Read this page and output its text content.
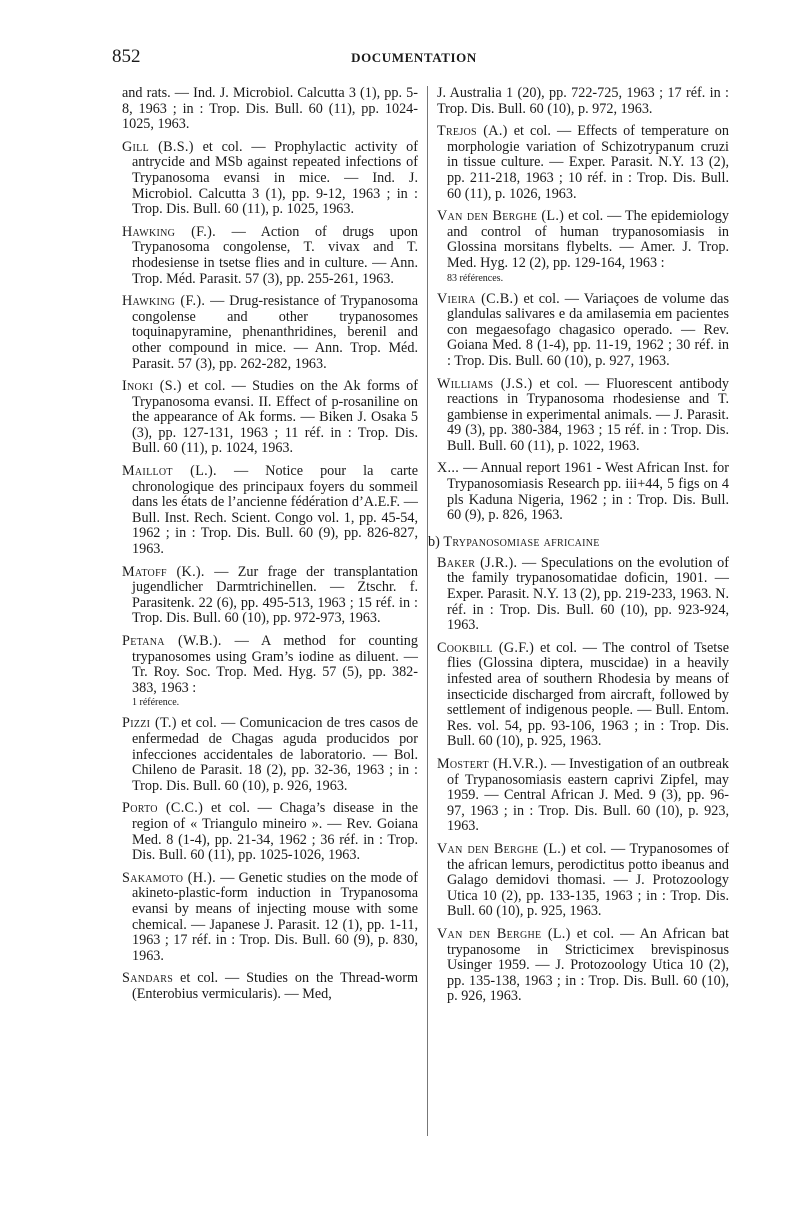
852	DOCUMENTATION

and rats. — Ind. J. Microbiol. Calcutta 3 (1), pp. 5-8, 1963 ; in : Trop. Dis. Bull. 60 (11), pp. 1024-1025, 1963.

Gill (B.S.) et col. — Prophylactic activity of antrycide and MSb against repeated infections of Trypanosoma evansi in mice. — Ind. J. Microbiol. Calcutta 3 (1), pp. 9-12, 1963 ; in : Trop. Dis. Bull. 60 (11), p. 1025, 1963.

Hawking (F.). — Action of drugs upon Trypanosoma congolense, T. vivax and T. rhodesiense in tsetse flies and in culture. — Ann. Trop. Méd. Parasit. 57 (3), pp. 255-261, 1963.

Hawking (F.). — Drug-resistance of Trypanosoma congolense and other trypanosomes toquinapyramine, phenanthridines, berenil and other compound in mice. — Ann. Trop. Méd. Parasit. 57 (3), pp. 262-282, 1963.

Inoki (S.) et col. — Studies on the Ak forms of Trypanosoma evansi. II. Effect of p-rosaniline on the appearance of Ak forms. — Biken J. Osaka 5 (3), pp. 127-131, 1963 ; 11 réf. in : Trop. Dis. Bull. 60 (11), p. 1024, 1963.

Maillot (L.). — Notice pour la carte chronologique des principaux foyers du sommeil dans les états de l’ancienne fédération d’A.E.F. — Bull. Inst. Rech. Scient. Congo vol. 1, pp. 45-54, 1962 ; in : Trop. Dis. Bull. 60 (9), pp. 826-827, 1963.

Matoff (K.). — Zur frage der transplantation jugendlicher Darmtrichinellen. — Ztschr. f. Parasitenk. 22 (6), pp. 495-513, 1963 ; 15 réf. in : Trop. Dis. Bull. 60 (10), pp. 972-973, 1963.

Petana (W.B.). — A method for counting trypanosomes using Gram’s iodine as diluent. — Tr. Roy. Soc. Trop. Med. Hyg. 57 (5), pp. 382-383, 1963 :
1 référence.

Pizzi (T.) et col. — Comunicacion de tres casos de enfermedad de Chagas aguda producidos por infecciones accidentales de laboratorio. — Bol. Chileno de Parasit. 18 (2), pp. 32-36, 1963 ; in : Trop. Dis. Bull. 60 (10), p. 926, 1963.

Porto (C.C.) et col. — Chaga’s disease in the region of « Triangulo mineiro ». — Rev. Goiana Med. 8 (1-4), pp. 21-34, 1962 ; 36 réf. in : Trop. Dis. Bull. 60 (11), pp. 1025-1026, 1963.

Sakamoto (H.). — Genetic studies on the mode of akineto-plastic-form induction in Trypanosoma evansi by means of injecting mouse with some chemical. — Japanese J. Parasit. 12 (1), pp. 1-11, 1963 ; 17 réf. in : Trop. Dis. Bull. 60 (9), p. 830, 1963.

Sandars et col. — Studies on the Thread-worm (Enterobius vermicularis). — Med,

J. Australia 1 (20), pp. 722-725, 1963 ; 17 réf. in : Trop. Dis. Bull. 60 (10), p. 972, 1963.

Trejos (A.) et col. — Effects of temperature on morphologie variation of Schizotrypanum cruzi in tissue culture. — Exper. Parasit. N.Y. 13 (2), pp. 211-218, 1963 ; 10 réf. in : Trop. Dis. Bull. 60 (11), p. 1026, 1963.

Van den Berghe (L.) et col. — The epidemiology and control of human trypanosomiasis in Glossina morsitans flybelts. — Amer. J. Trop. Med. Hyg. 12 (2), pp. 129-164, 1963 :
83 références.

Vieira (C.B.) et col. — Variaçoes de volume das glandulas salivares e da amilasemia em pacientes con megaesofago chagasico operado. — Rev. Goiana Med. 8 (1-4), pp. 11-19, 1962 ; 30 réf. in : Trop. Dis. Bull. 60 (10), p. 927, 1963.

Williams (J.S.) et col. — Fluorescent antibody reactions in Trypanosoma rhodesiense and T. gambiense in experimental animals. — J. Parasit. 49 (3), pp. 380-384, 1963 ; 15 réf. in : Trop. Dis. Bull. Bull. 60 (11), p. 1022, 1963.

X... — Annual report 1961 - West African Inst. for Trypanosomiasis Research pp. iii+44, 5 figs on 4 pls Kaduna Nigeria, 1962 ; in : Trop. Dis. Bull. 60 (9), p. 826, 1963.

b) Trypanosomiase africaine

Baker (J.R.). — Speculations on the evolution of the family trypanosomatidae doficin, 1901. — Exper. Parasit. N.Y. 13 (2), pp. 219-233, 1963. N. réf. in : Trop. Dis. Bull. 60 (10), pp. 923-924, 1963.

Cookbill (G.F.) et col. — The control of Tsetse flies (Glossina diptera, muscidae) in a heavily infested area of southern Rhodesia by means of insecticide discharged from aircraft, followed by settlement of indigenous people. — Bull. Entom. Res. vol. 54, pp. 93-106, 1963 ; in : Trop. Dis. Bull. 60 (10), p. 925, 1963.

Mostert (H.V.R.). — Investigation of an outbreak of Trypanosomiasis eastern caprivi Zipfel, may 1959. — Central African J. Med. 9 (3), pp. 96-97, 1963 ; in : Trop. Dis. Bull. 60 (10), p. 923, 1963.

Van den Berghe (L.) et col. — Trypanosomes of the african lemurs, perodictitus potto ibeanus and Galago demidovi thomasi. — J. Protozoology Utica 10 (2), pp. 133-135, 1963 ; in : Trop. Dis. Bull. 60 (10), p. 925, 1963.

Van den Berghe (L.) et col. — An African bat trypanosome in Stricticimex brevispinosus Usinger 1959. — J. Protozoology Utica 10 (2), pp. 135-138, 1963 ; in : Trop. Dis. Bull. 60 (10), p. 926, 1963.
